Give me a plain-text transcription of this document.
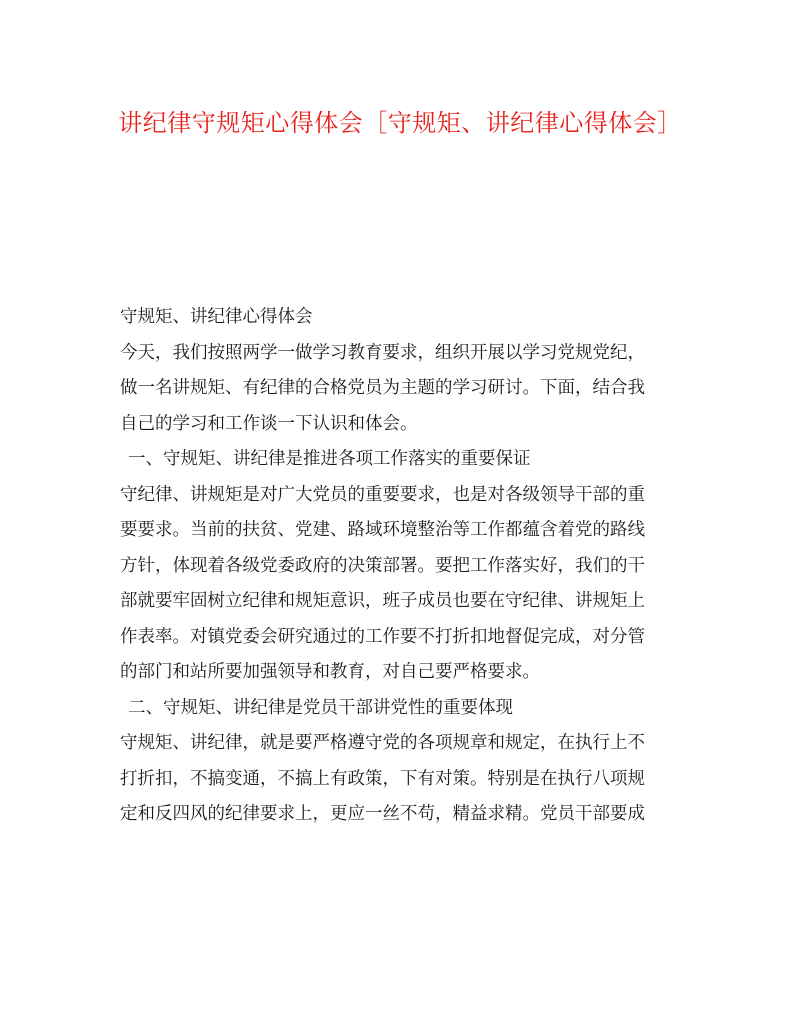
讲纪律守规矩心得体会［守规矩、讲纪律心得体会］

守规矩、讲纪律心得体会

今天，我们按照两学一做学习教育要求，组织开展以学习党规党纪，

做一名讲规矩、有纪律的合格党员为主题的学习研讨。下面，结合我

自己的学习和工作谈一下认识和体会。

一、守规矩、讲纪律是推进各项工作落实的重要保证

守纪律、讲规矩是对广大党员的重要要求，也是对各级领导干部的重

要要求。当前的扶贫、党建、路域环境整治等工作都蕴含着党的路线

方针，体现着各级党委政府的决策部署。要把工作落实好，我们的干

部就要牢固树立纪律和规矩意识，班子成员也要在守纪律、讲规矩上

作表率。对镇党委会研究通过的工作要不打折扣地督促完成，对分管

的部门和站所要加强领导和教育，对自己要严格要求。

二、守规矩、讲纪律是党员干部讲党性的重要体现

守规矩、讲纪律，就是要严格遵守党的各项规章和规定，在执行上不

打折扣，不搞变通，不搞上有政策，下有对策。特别是在执行八项规

定和反四风的纪律要求上，更应一丝不苟，精益求精。党员干部要成
